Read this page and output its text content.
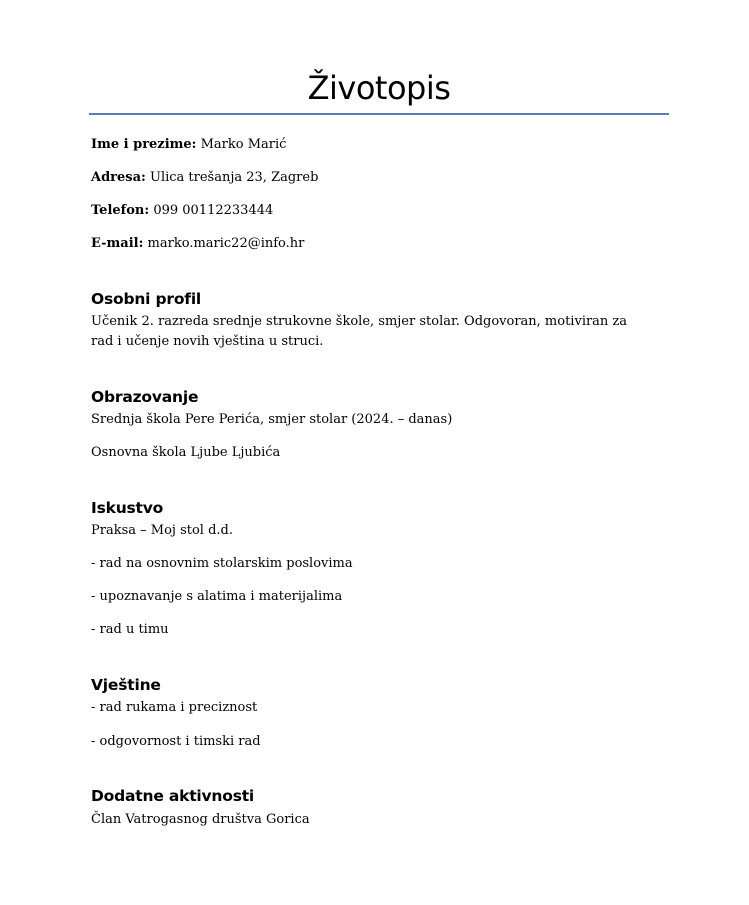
Životopis
Ime i prezime: Marko Marić
Adresa: Ulica trešanja 23, Zagreb
Telefon: 099 00112233444
E-mail: marko.maric22@info.hr
Osobni profil
Učenik 2. razreda srednje strukovne škole, smjer stolar. Odgovoran, motiviran za rad i učenje novih vještina u struci.
Obrazovanje
Srednja škola Pere Perića, smjer stolar (2024. – danas)
Osnovna škola Ljube Ljubića
Iskustvo
Praksa – Moj stol d.d.
- rad na osnovnim stolarskim poslovima
- upoznavanje s alatima i materijalima
- rad u timu
Vještine
- rad rukama i preciznost
- odgovornost i timski rad
Dodatne aktivnosti
Član Vatrogasnog društva Gorica
